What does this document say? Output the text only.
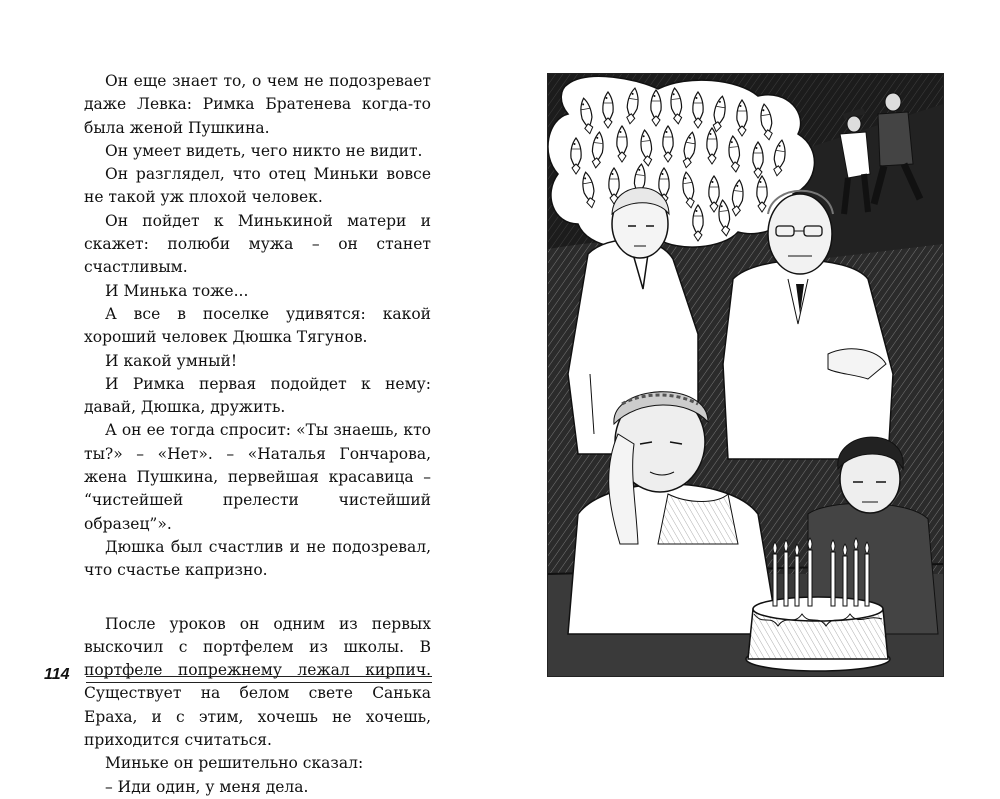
Он еще знает то, о чем не подозревает даже Левка: Римка Братенева когда-то была женой Пушкина.

Он умеет видеть, чего никто не видит.

Он разглядел, что отец Миньки вовсе не такой уж плохой человек.

Он пойдет к Минькиной матери и скажет: полюби мужа – он станет счастливым.

И Минька тоже...

А все в поселке удивятся: какой хороший человек Дюшка Тягунов.

И какой умный!

И Римка первая подойдет к нему: давай, Дюшка, дружить.

А он ее тогда спросит: «Ты знаешь, кто ты?» – «Нет». – «Наталья Гончарова, жена Пушкина, первейшая красавица – “чистейшей прелести чистейший образец”».

Дюшка был счастлив и не подозревал, что счастье капризно.

После уроков он одним из первых выскочил с портфелем из школы. В портфеле попрежнему лежал кирпич. Существует на белом свете Санька Ераха, и с этим, хочешь не хочешь, приходится считаться.

Миньке он решительно сказал:

– Иди один, у меня дела.

114
